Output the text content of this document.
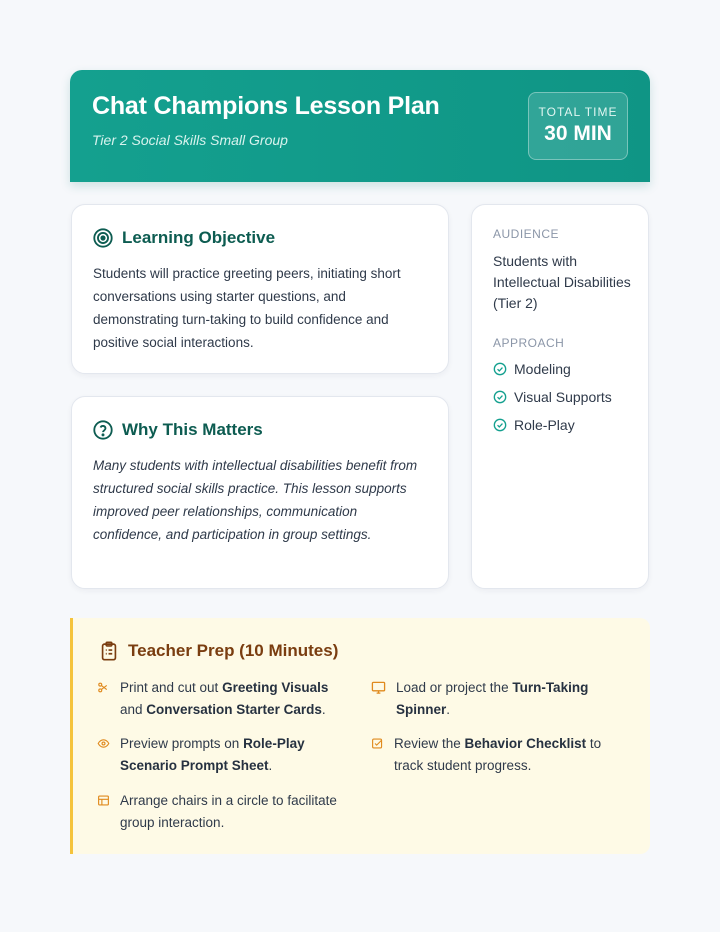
Chat Champions Lesson Plan
Tier 2 Social Skills Small Group
TOTAL TIME
30 MIN
Learning Objective
Students will practice greeting peers, initiating short conversations using starter questions, and demonstrating turn-taking to build confidence and positive social interactions.
Why This Matters
Many students with intellectual disabilities benefit from structured social skills practice. This lesson supports improved peer relationships, communication confidence, and participation in group settings.
AUDIENCE
Students with Intellectual Disabilities (Tier 2)
APPROACH
Modeling
Visual Supports
Role-Play
Teacher Prep (10 Minutes)
Print and cut out Greeting Visuals and Conversation Starter Cards.
Load or project the Turn-Taking Spinner.
Preview prompts on Role-Play Scenario Prompt Sheet.
Review the Behavior Checklist to track student progress.
Arrange chairs in a circle to facilitate group interaction.
